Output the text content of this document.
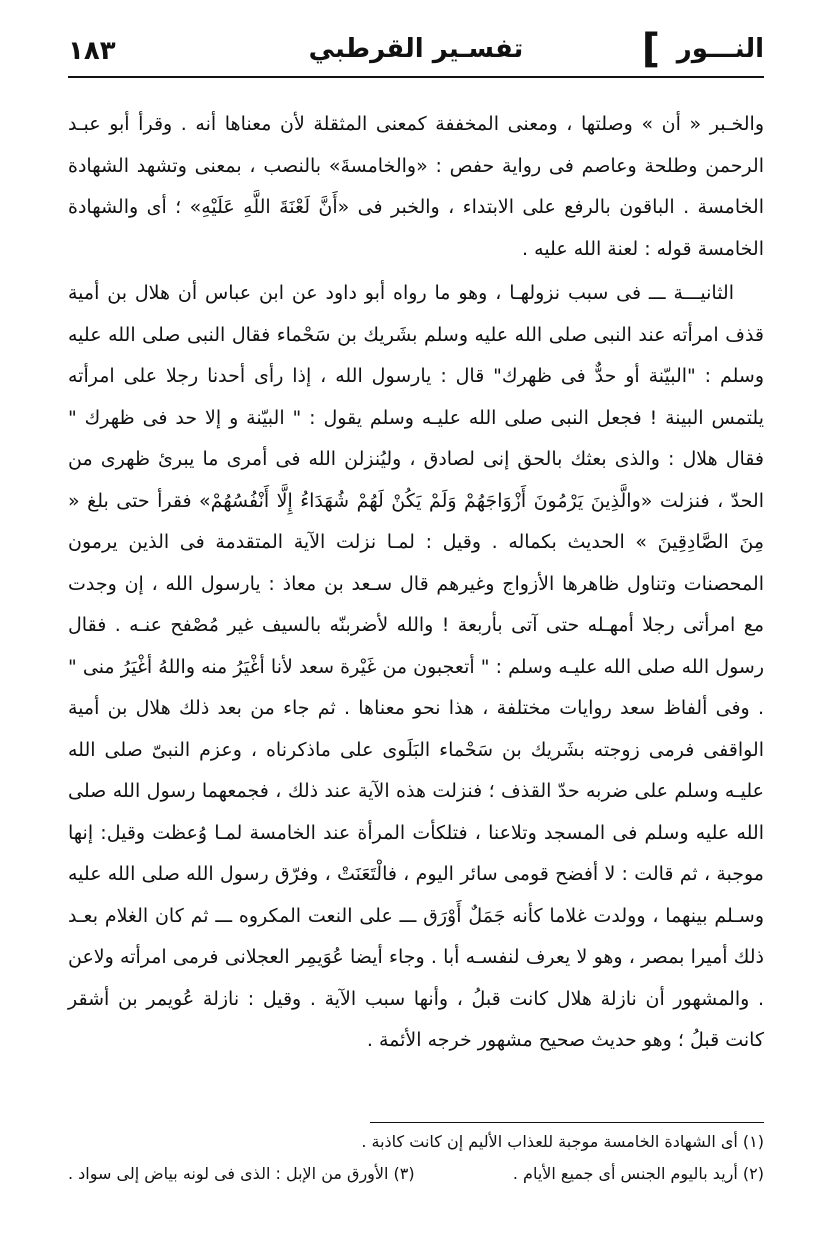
النـــور
]
تفسـير القرطبي
١٨٣

والخـبر « أن » وصلتها ، ومعنى المخففة كمعنى المثقلة لأن معناها أنه . وقرأ أبو عبـد الرحمن وطلحة وعاصم فى رواية حفص : «والخامسةَ» بالنصب ، بمعنى وتشهد الشهادة الخامسة . الباقون بالرفع على الابتداء ، والخبر فى «أَنَّ لَعْنَةَ اللَّهِ عَلَيْهِ» ؛ أى والشهادة الخامسة قوله : لعنة الله عليه .

الثانيـــة ـــ فى سبب نزولهـا ، وهو ما رواه أبو داود عن ابن عباس أن هلال بن أمية قذف امرأته عند النبى صلى الله عليه وسلم بشَريك بن سَحْماء فقال النبى صلى الله عليه وسلم : "البيّنة أو حدٌّ فى ظهرك" قال : يارسول الله ، إذا رأى أحدنا رجلا على امرأته يلتمس البينة ! فجعل النبى صلى الله عليـه وسلم يقول : " البيّنة و إلا حد فى ظهرك " فقال هلال : والذى بعثك بالحق إنى لصادق ، وليُنزلن الله فى أمرى ما يبرئ ظهرى من الحدّ ، فنزلت «والَّذِينَ يَرْمُونَ أَزْوَاجَهُمْ وَلَمْ يَكُنْ لَهُمْ شُهَدَاءُ إِلَّا أَنْفُسُهُمْ» فقرأ حتى بلغ « مِنَ الصَّادِقِينَ » الحديث بكماله . وقيل : لمـا نزلت الآية المتقدمة فى الذين يرمون المحصنات وتناول ظاهرها الأزواج وغيرهم قال سـعد بن معاذ : يارسول الله ، إن وجدت مع امرأتى رجلا أمهـله حتى آتى بأربعة ! والله لأضربنّه بالسيف غير مُصْفح عنـه . فقال رسول الله صلى الله عليـه وسلم : " أتعجبون من غَيْرة سعد لأنا أغْيَرُ منه واللهُ أغْيَرُ منى " . وفى ألفاظ سعد روايات مختلفة ، هذا نحو معناها . ثم جاء من بعد ذلك هلال بن أمية الواقفى فرمى زوجته بشَريك بن سَحْماء البَلَوى على ماذكرناه ، وعزم النبىّ صلى الله عليـه وسلم على ضربه حدّ القذف ؛ فنزلت هذه الآية عند ذلك ، فجمعهما رسول الله صلى الله عليه وسلم فى المسجد وتلاعنا ، فتلكأت المرأة عند الخامسة لمـا وُعظت وقيل: إنها موجبة ، ثم قالت : لا أفضح قومى سائر اليوم ، فالْتَعَنَتْ ، وفرّق رسول الله صلى الله عليه وسـلم بينهما ، وولدت غلاما كأنه جَمَلٌ أَوْرَق ـــ على النعت المكروه ـــ ثم كان الغلام بعـد ذلك أميرا بمصر ، وهو لا يعرف لنفسـه أبا . وجاء أيضا عُوَيمِر العجلانى فرمى امرأته ولاعن . والمشهور أن نازلة هلال كانت قبلُ ، وأنها سبب الآية . وقيل : نازلة عُويمر بن أشقر كانت قبلُ ؛ وهو حديث صحيح مشهور خرجه الأئمة .

(١) أى الشهادة الخامسة موجبة للعذاب الأليم إن كانت كاذبة .
(٢) أريد باليوم الجنس أى جميع الأيام .
(٣) الأورق من الإبل : الذى فى لونه بياض إلى سواد .
